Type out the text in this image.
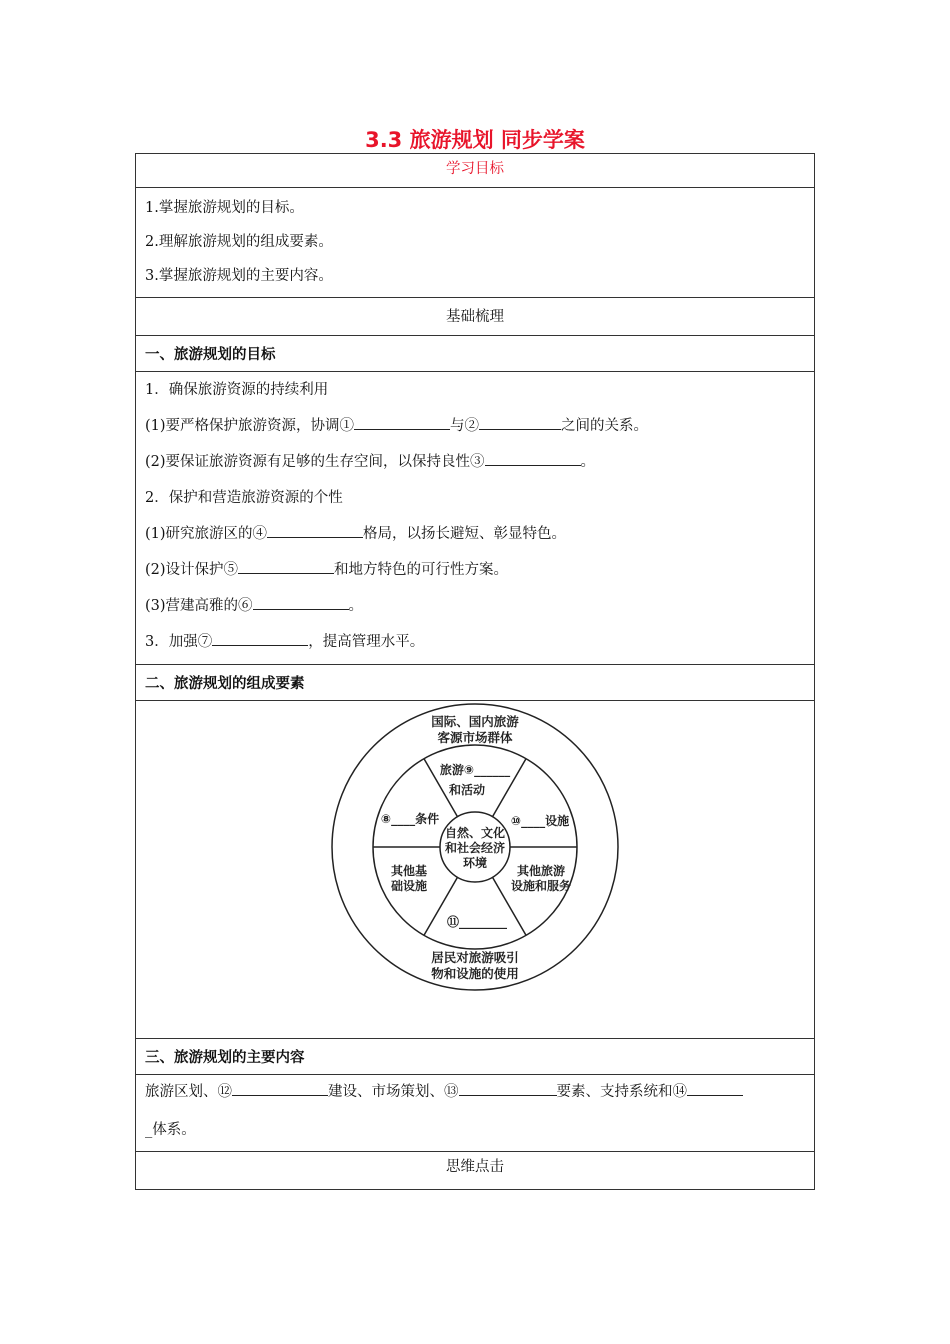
3.3 旅游规划 同步学案
学习目标
1.掌握旅游规划的目标。
2.理解旅游规划的组成要素。
3.掌握旅游规划的主要内容。
基础梳理
一、旅游规划的目标
1．确保旅游资源的持续利用
(1)要严格保护旅游资源，协调①	与②	之间的关系。
(2)要保证旅游资源有足够的生存空间，以保持良性③	。
2．保护和营造旅游资源的个性
(1)研究旅游区的④	格局，以扬长避短、彰显特色。
(2)设计保护⑤	和地方特色的可行性方案。
(3)营建高雅的⑥	。
3．加强⑦	，提高管理水平。
二、旅游规划的组成要素
国际、国内旅游
客源市场群体
居民对旅游吸引
物和设施的使用
自然、文化
和社会经济
环境
旅游⑨______
和活动
⑧____条件	⑩____设施
其他基
础设施
其他旅游
设施和服务
⑪________
三、旅游规划的主要内容
旅游区划、⑫	建设、市场策划、⑬	要素、支持系统和⑭
_体系。
思维点击
